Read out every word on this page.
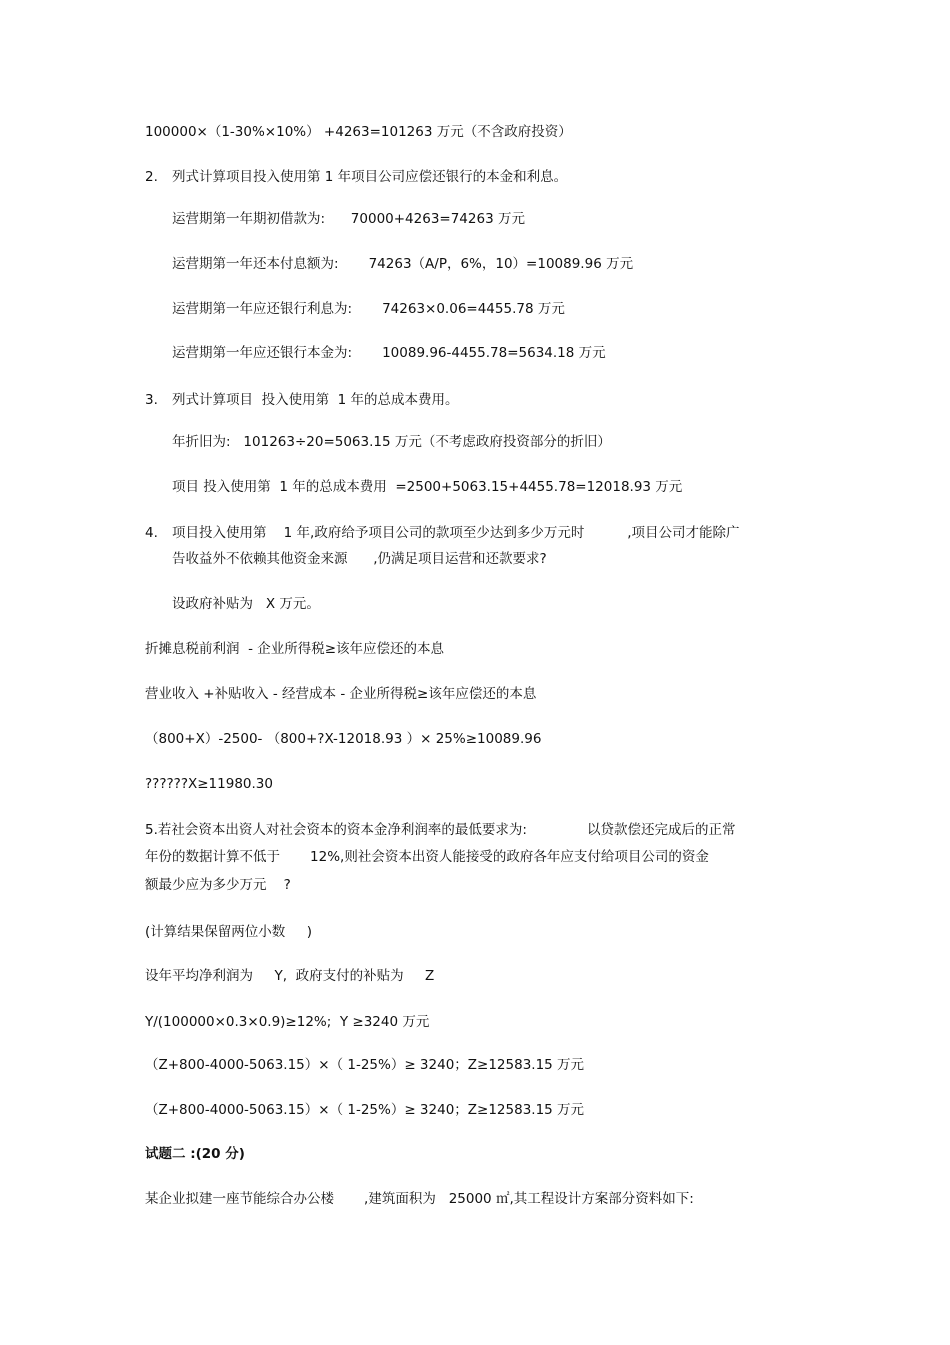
100000×（1-30%×10%） +4263=101263 万元（不含政府投资）
2. 列式计算项目投入使用第 1 年项目公司应偿还银行的本金和利息。
运营期第一年期初借款为:      70000+4263=74263 万元
运营期第一年还本付息额为:       74263（A/P，6%，10）=10089.96 万元
运营期第一年应还银行利息为:       74263×0.06=4455.78 万元
运营期第一年应还银行本金为:       10089.96-4455.78=5634.18 万元
3. 列式计算项目  投入使用第  1 年的总成本费用。
年折旧为:   101263÷20=5063.15 万元（不考虑政府投资部分的折旧）
项目 投入使用第  1 年的总成本费用  =2500+5063.15+4455.78=12018.93 万元
4. 项目投入使用第    1 年,政府给予项目公司的款项至少达到多少万元时          ,项目公司才能除广
告收益外不依赖其他资金来源      ,仍满足项目运营和还款要求?
设政府补贴为   X 万元。
折摊息税前利润  - 企业所得税≥该年应偿还的本息
营业收入 +补贴收入 - 经营成本 - 企业所得税≥该年应偿还的本息
（800+X）-2500- （800+?X-12018.93 ）× 25%≥10089.96
??????X≥11980.30
5.若社会资本出资人对社会资本的资本金净利润率的最低要求为:              以贷款偿还完成后的正常
年份的数据计算不低于       12%,则社会资本出资人能接受的政府各年应支付给项目公司的资金
额最少应为多少万元    ?
(计算结果保留两位小数     )
设年平均净利润为     Y,  政府支付的补贴为     Z
Y/(100000×0.3×0.9)≥12%;  Y ≥3240 万元
（Z+800-4000-5063.15）×（ 1-25%）≥ 3240；Z≥12583.15 万元
（Z+800-4000-5063.15）×（ 1-25%）≥ 3240；Z≥12583.15 万元
试题二 :(20 分)
某企业拟建一座节能综合办公楼       ,建筑面积为   25000 ㎡,其工程设计方案部分资料如下:
